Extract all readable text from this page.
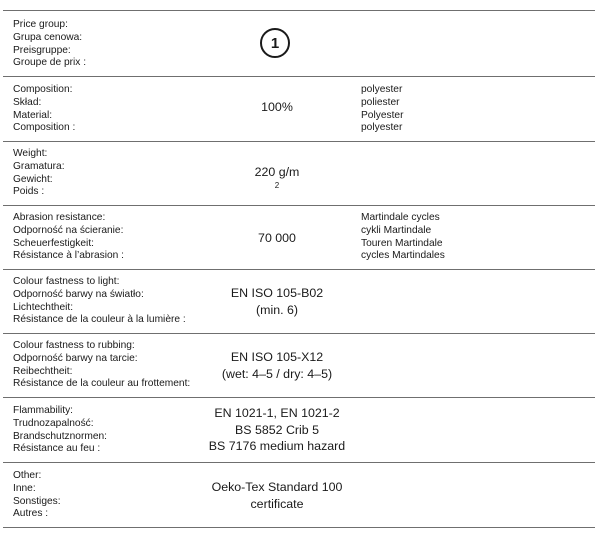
Price group:
Grupa cenowa:
Preisgruppe:
Groupe de prix :
1
Composition:
Skład:
Material:
Composition :
100%
polyester
poliester
Polyester
polyester
Weight:
Gramatura:
Gewicht:
Poids :
220 g/m
$^2$
Abrasion resistance:
Odporność na ścieranie:
Scheuerfestigkeit:
Résistance à l’abrasion :
70 000
Martindale cycles
cykli Martindale
Touren Martindale
cycles Martindales
Colour fastness to light:
Odporność barwy na światło:
Lichtechtheit:
Résistance de la couleur à la lumière :
EN ISO 105-B02
(min. 6)
Colour fastness to rubbing:
Odporność barwy na tarcie:
Reibechtheit:
Résistance de la couleur au frottement:
EN ISO 105-X12
(wet: 4–5 / dry: 4–5)
Flammability:
Trudnozapalność:
Brandschutznormen:
Résistance au feu :
EN 1021-1, EN 1021-2
BS 5852 Crib 5
BS 7176 medium hazard
Other:
Inne:
Sonstiges:
Autres :
Oeko-Tex Standard 100
certificate
